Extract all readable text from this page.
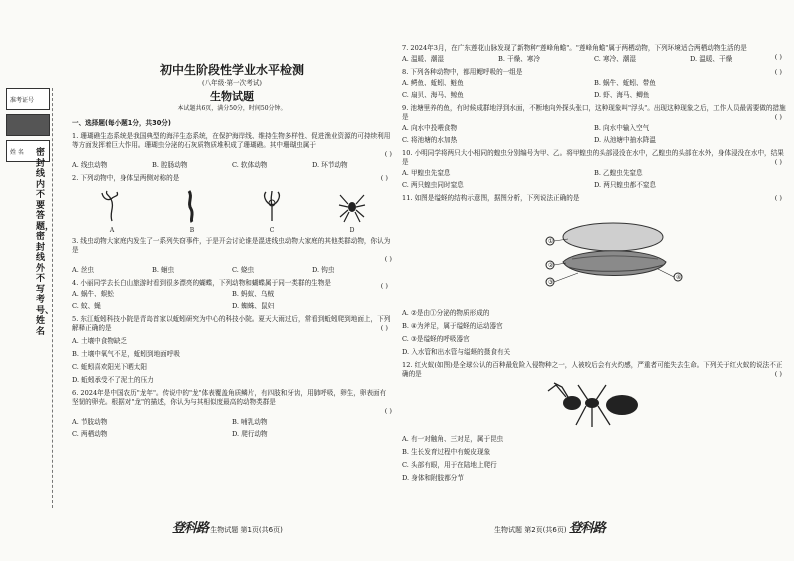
准考证号
姓 名 密封线内不要答题，密封线外不写考号、姓名
初中生阶段性学业水平检测
(八年级·第一次考试)
生物试题
本试题共6页，满分50分，时间50分钟。
一、选择题(每小题1分，共30分)
1. 珊瑚礁生态系统是我国典型的海洋生态系统，在保护海岸线、维持生物多样性、促进渔业资源的可持续利用等方面发挥着巨大作用。珊瑚虫分泌的石灰质物质堆积成了珊瑚礁。其中珊瑚虫属于
( )
A. 线虫动物	B. 腔肠动物	C. 软体动物	D. 环节动物
2. 下列动物中，身体呈两侧对称的是	( )
A	B	C	D
3. 线虫动物大家庭内发生了一系列失窃事件，于是开会讨论谁是混进线虫动物大家庭的其他类群动物，你认为是
( )
A. 丝虫	B. 蛔虫	C. 蛲虫	D. 钩虫
4. 小丽同学去长白山旅游时看到很多漂亮的蝴蝶，下列动物和蝴蝶属于同一类群的生物是	( )
A. 蜗牛、蜈蚣	B. 蚂蚁、乌贼
C. 蚊、蝇	D. 蜘蛛、鼠妇
5. 东江蚯蚓科技小院是青岛首家以蚯蚓研究为中心的科技小院。夏天大雨过后，常看到蚯蚓爬到地面上，下列解释正确的是	( )
A. 土壤中食物缺乏
B. 土壤中氧气不足，蚯蚓到地面呼吸
C. 蚯蚓喜欢阳光下晒太阳
D. 蚯蚓承受不了泥土的压力
6. 2024年是中国农历"龙年"。传说中的"龙"体表覆盖角质鳞片，有四肢和牙齿，用肺呼吸，卵生，卵表面有坚韧的卵壳。根据对"龙"的描述，你认为与其相似度最高的动物类群是
( )
A. 节肢动物	B. 哺乳动物
C. 两栖动物	D. 爬行动物
登科路 生物试题 第1页(共6页)
7. 2024年3月，在广东莲花山脉发现了新物种"莲峰角蟾"。"莲峰角蟾"属于两栖动物，下列环境适合两栖动物生活的是
( )
A. 温暖、潮湿	B. 干燥、寒冷	C. 寒冷、潮湿	D. 温暖、干燥
8. 下列各种动物中，都用鳃呼吸的一组是	( )
A. 鳄鱼、蚯蚓、鲢鱼	B. 蜗牛、蚯蚓、带鱼
C. 扇贝、海马、鲸鱼	D. 虾、海马、鲫鱼
9. 池塘里养的鱼，有时候成群地浮到水面，不断地向外探头张口，这种现象叫"浮头"。出现这种现象之后，工作人员最需要做的措施是	( )
A. 向水中投喂食物	B. 向水中输入空气
C. 将池塘的水加热	D. 从池塘中抽水降温
10. 小明同学将两只大小相同的蝗虫分别编号为甲、乙。将甲蝗虫的头部浸没在水中，乙蝗虫的头部在水外，身体浸没在水中，结果是	( )
A. 甲蝗虫先窒息	B. 乙蝗虫先窒息
C. 两只蝗虫同时窒息	D. 两只蝗虫都不窒息
11. 如图是缢蛏的结构示意图，据图分析，下列说法正确的是	( )
①
②
③
④
A. ②是由①分泌的物质形成的
B. ④为斧足，属于缢蛏的运动器官
C. ③是缢蛏的呼吸器官
D. 入水管和出水管与缢蛏的摄食有关
12. 红火蚁(如图)是全球公认的百种最危险入侵物种之一，人被咬后会有火灼感，严重者可能失去生命。下列关于红火蚁的说法不正确的是	( )
A. 有一对触角、三对足，属于昆虫
B. 生长发育过程中有蜕皮现象
C. 头部有眼，用于在陆地上爬行
D. 身体和附肢都分节
生物试题 第2页(共6页) 登科路
